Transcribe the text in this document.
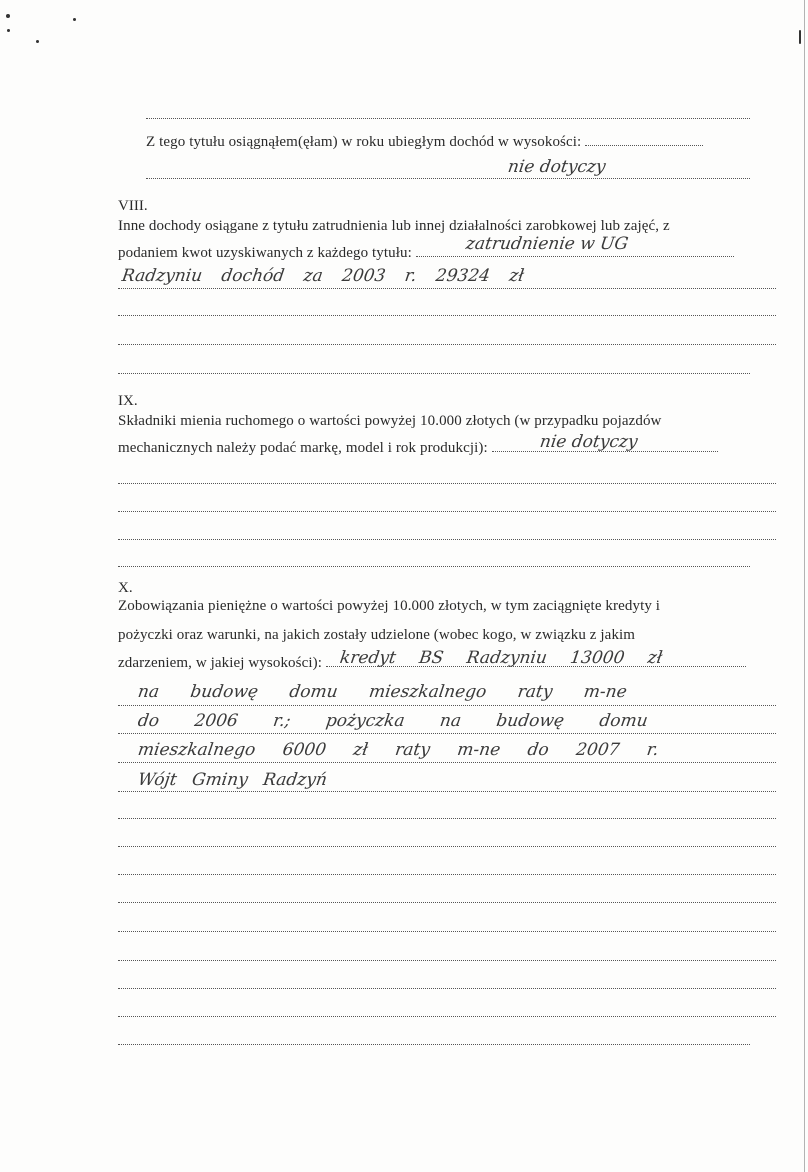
Z tego tytułu osiągnąłem(ęłam) w roku ubiegłym dochód w wysokości:
nie dotyczy
VIII.
Inne dochody osiągane z tytułu zatrudnienia lub innej działalności zarobkowej lub zajęć, z
podaniem kwot uzyskiwanych z każdego tytułu:	zatrudnienie w UG
Radzyniu dochód za 2003 r. 29324 zł
IX.
Składniki mienia ruchomego o wartości powyżej 10.000 złotych (w przypadku pojazdów
mechanicznych należy podać markę, model i rok produkcji):	nie dotyczy
X.
Zobowiązania pieniężne o wartości powyżej 10.000 złotych, w tym zaciągnięte kredyty i
pożyczki oraz warunki, na jakich zostały udzielone (wobec kogo, w związku z jakim
zdarzeniem, w jakiej wysokości): kredyt BS Radzyniu 13000 zł
na budowę domu mieszkalnego raty m-ne
do 2006 r.; pożyczka na budowę domu
mieszkalnego 6000 zł raty m-ne do 2007 r.
Wójt Gminy Radzyń
